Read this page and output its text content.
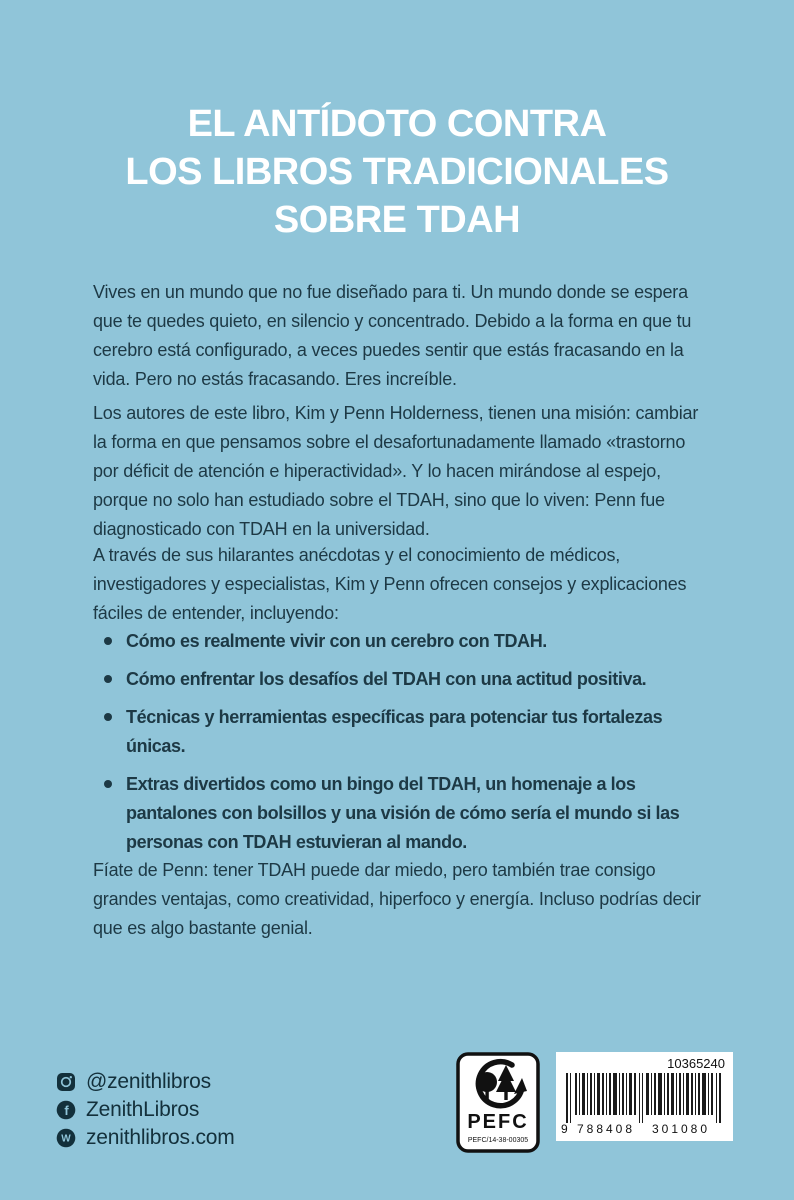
EL ANTÍDOTO CONTRA
LOS LIBROS TRADICIONALES
SOBRE TDAH

Vives en un mundo que no fue diseñado para ti. Un mundo donde se espera que te quedes quieto, en silencio y concentrado. Debido a la forma en que tu cerebro está configurado, a veces puedes sentir que estás fracasando en la vida. Pero no estás fracasando. Eres increíble.

Los autores de este libro, Kim y Penn Holderness, tienen una misión: cambiar la forma en que pensamos sobre el desafortunadamente llamado «trastorno por déficit de atención e hiperactividad». Y lo hacen mirándose al espejo, porque no solo han estudiado sobre el TDAH, sino que lo viven: Penn fue diagnosticado con TDAH en la universidad.

A través de sus hilarantes anécdotas y el conocimiento de médicos, investigadores y especialistas, Kim y Penn ofrecen consejos y explicaciones fáciles de entender, incluyendo:

Cómo es realmente vivir con un cerebro con TDAH.
Cómo enfrentar los desafíos del TDAH con una actitud positiva.
Técnicas y herramientas específicas para potenciar tus fortalezas únicas.
Extras divertidos como un bingo del TDAH, un homenaje a los pantalones con bolsillos y una visión de cómo sería el mundo si las personas con TDAH estuvieran al mando.

Fíate de Penn: tener TDAH puede dar miedo, pero también trae consigo grandes ventajas, como creatividad, hiperfoco y energía. Incluso podrías decir que es algo bastante genial.

@zenithlibros
f ZenithLibros
W zenithlibros.com
PEFC
PEFC/14-38-00305
10365240
9 788408 301080
